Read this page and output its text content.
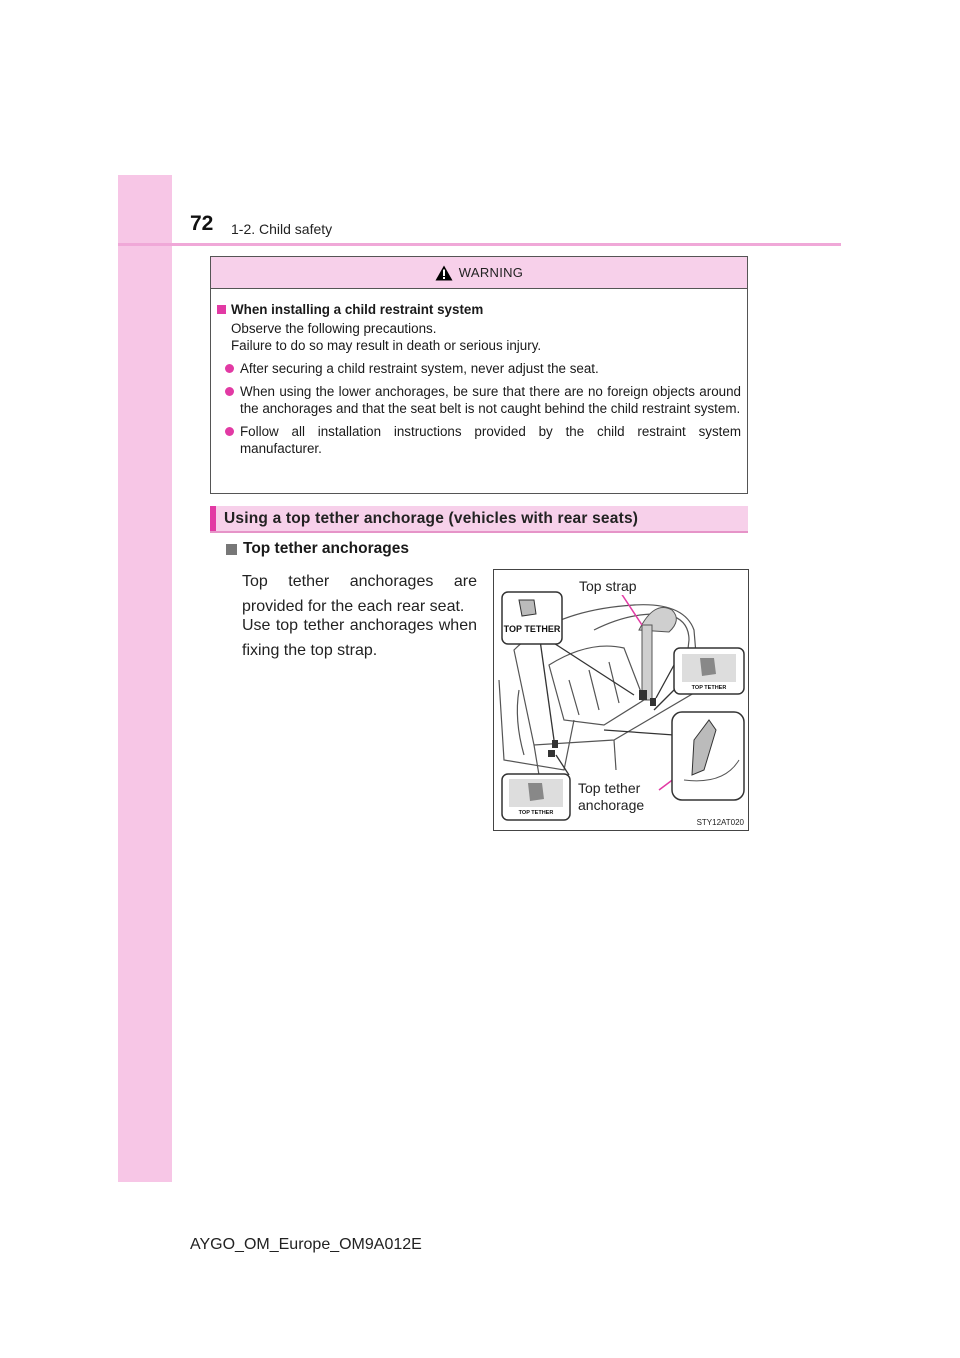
72 1-2. Child safety
WARNING
When installing a child restraint system
Observe the following precautions.
Failure to do so may result in death or serious injury.
After securing a child restraint system, never adjust the seat.
When using the lower anchorages, be sure that there are no foreign objects around the anchorages and that the seat belt is not caught behind the child restraint system.
Follow all installation instructions provided by the child restraint system manufacturer.
Using a top tether anchorage (vehicles with rear seats)
Top tether anchorages
Top tether anchorages are provided for the each rear seat.
Use top tether anchorages when fixing the top strap.
TOP TETHER
TOP TETHER
TOP TETHER
Top strap
Top tether
anchorage
STY12AT020
AYGO_OM_Europe_OM9A012E
